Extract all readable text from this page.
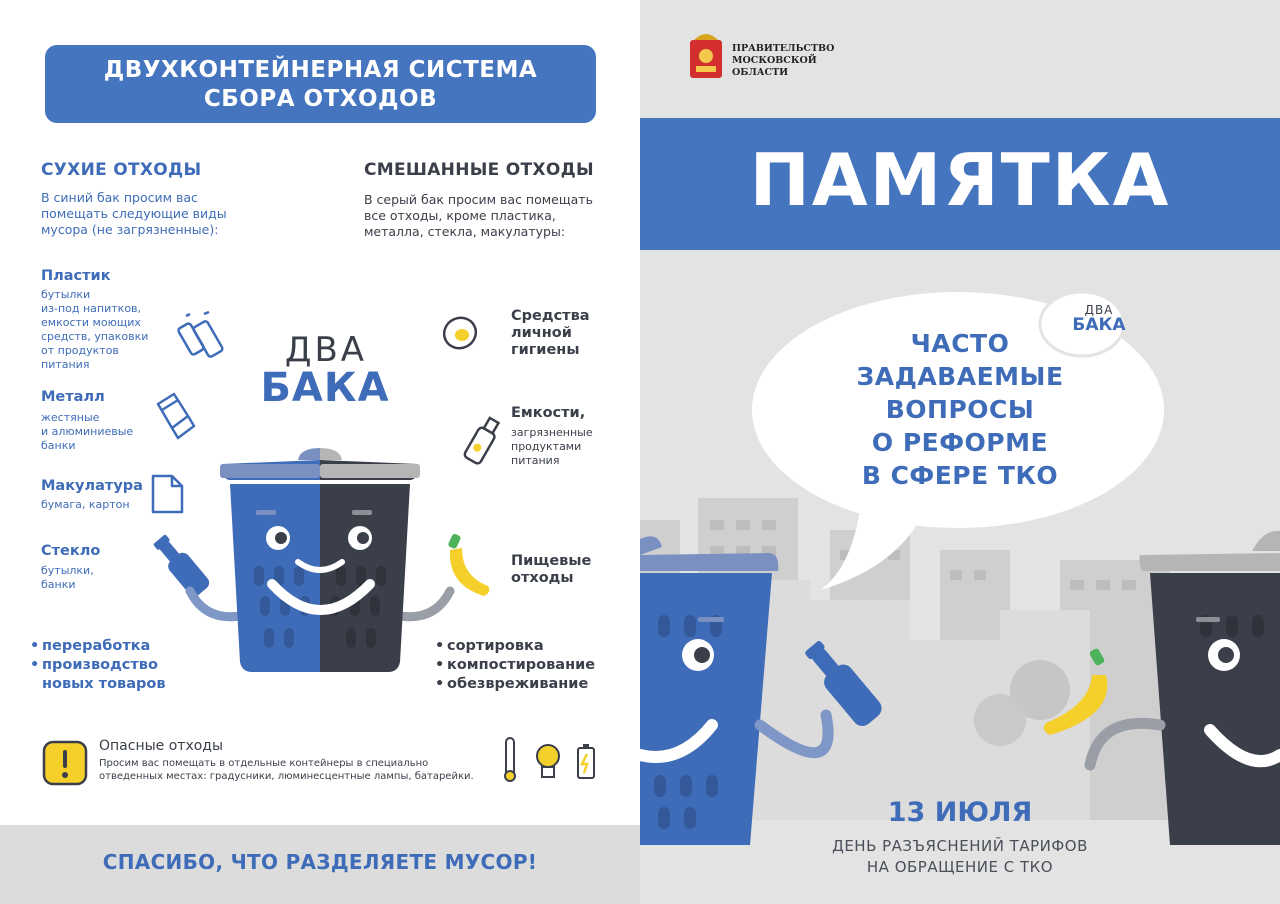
ДВУХКОНТЕЙНЕРНАЯ СИСТЕМА
СБОРА ОТХОДОВ
СУХИЕ ОТХОДЫ
В синий бак просим вас
помещать следующие виды
мусора (не загрязненные):
СМЕШАННЫЕ ОТХОДЫ
В серый бак просим вас помещать
все отходы, кроме пластика,
металла, стекла, макулатуры:
Пластик
бутылки
из-под напитков,
емкости моющих
средств, упаковки
от продуктов
питания
Металл
жестяные
и алюминиевые
банки
Макулатура
бумага, картон
Стекло
бутылки,
банки
Средства
личной
гигиены
Емкости,
загрязненные
продуктами
питания
Пищевые
отходы
ДВА
БАКА
• переработка
• производство
новых товаров
• сортировка
• компостирование
• обезвреживание
Опасные отходы
Просим вас помещать в отдельные контейнеры в специально
отведенных местах: градусники, люминесцентные лампы, батарейки.
СПАСИБО, ЧТО РАЗДЕЛЯЕТЕ МУСОР!
ПРАВИТЕЛЬСТВО
МОСКОВСКОЙ
ОБЛАСТИ
ПАМЯТКА
ДВА
БАКА
ЧАСТО
ЗАДАВАЕМЫЕ
ВОПРОСЫ
О РЕФОРМЕ
В СФЕРЕ ТКО
13 ИЮЛЯ
ДЕНЬ РАЗЪЯСНЕНИЙ ТАРИФОВ
НА ОБРАЩЕНИЕ С ТКО
